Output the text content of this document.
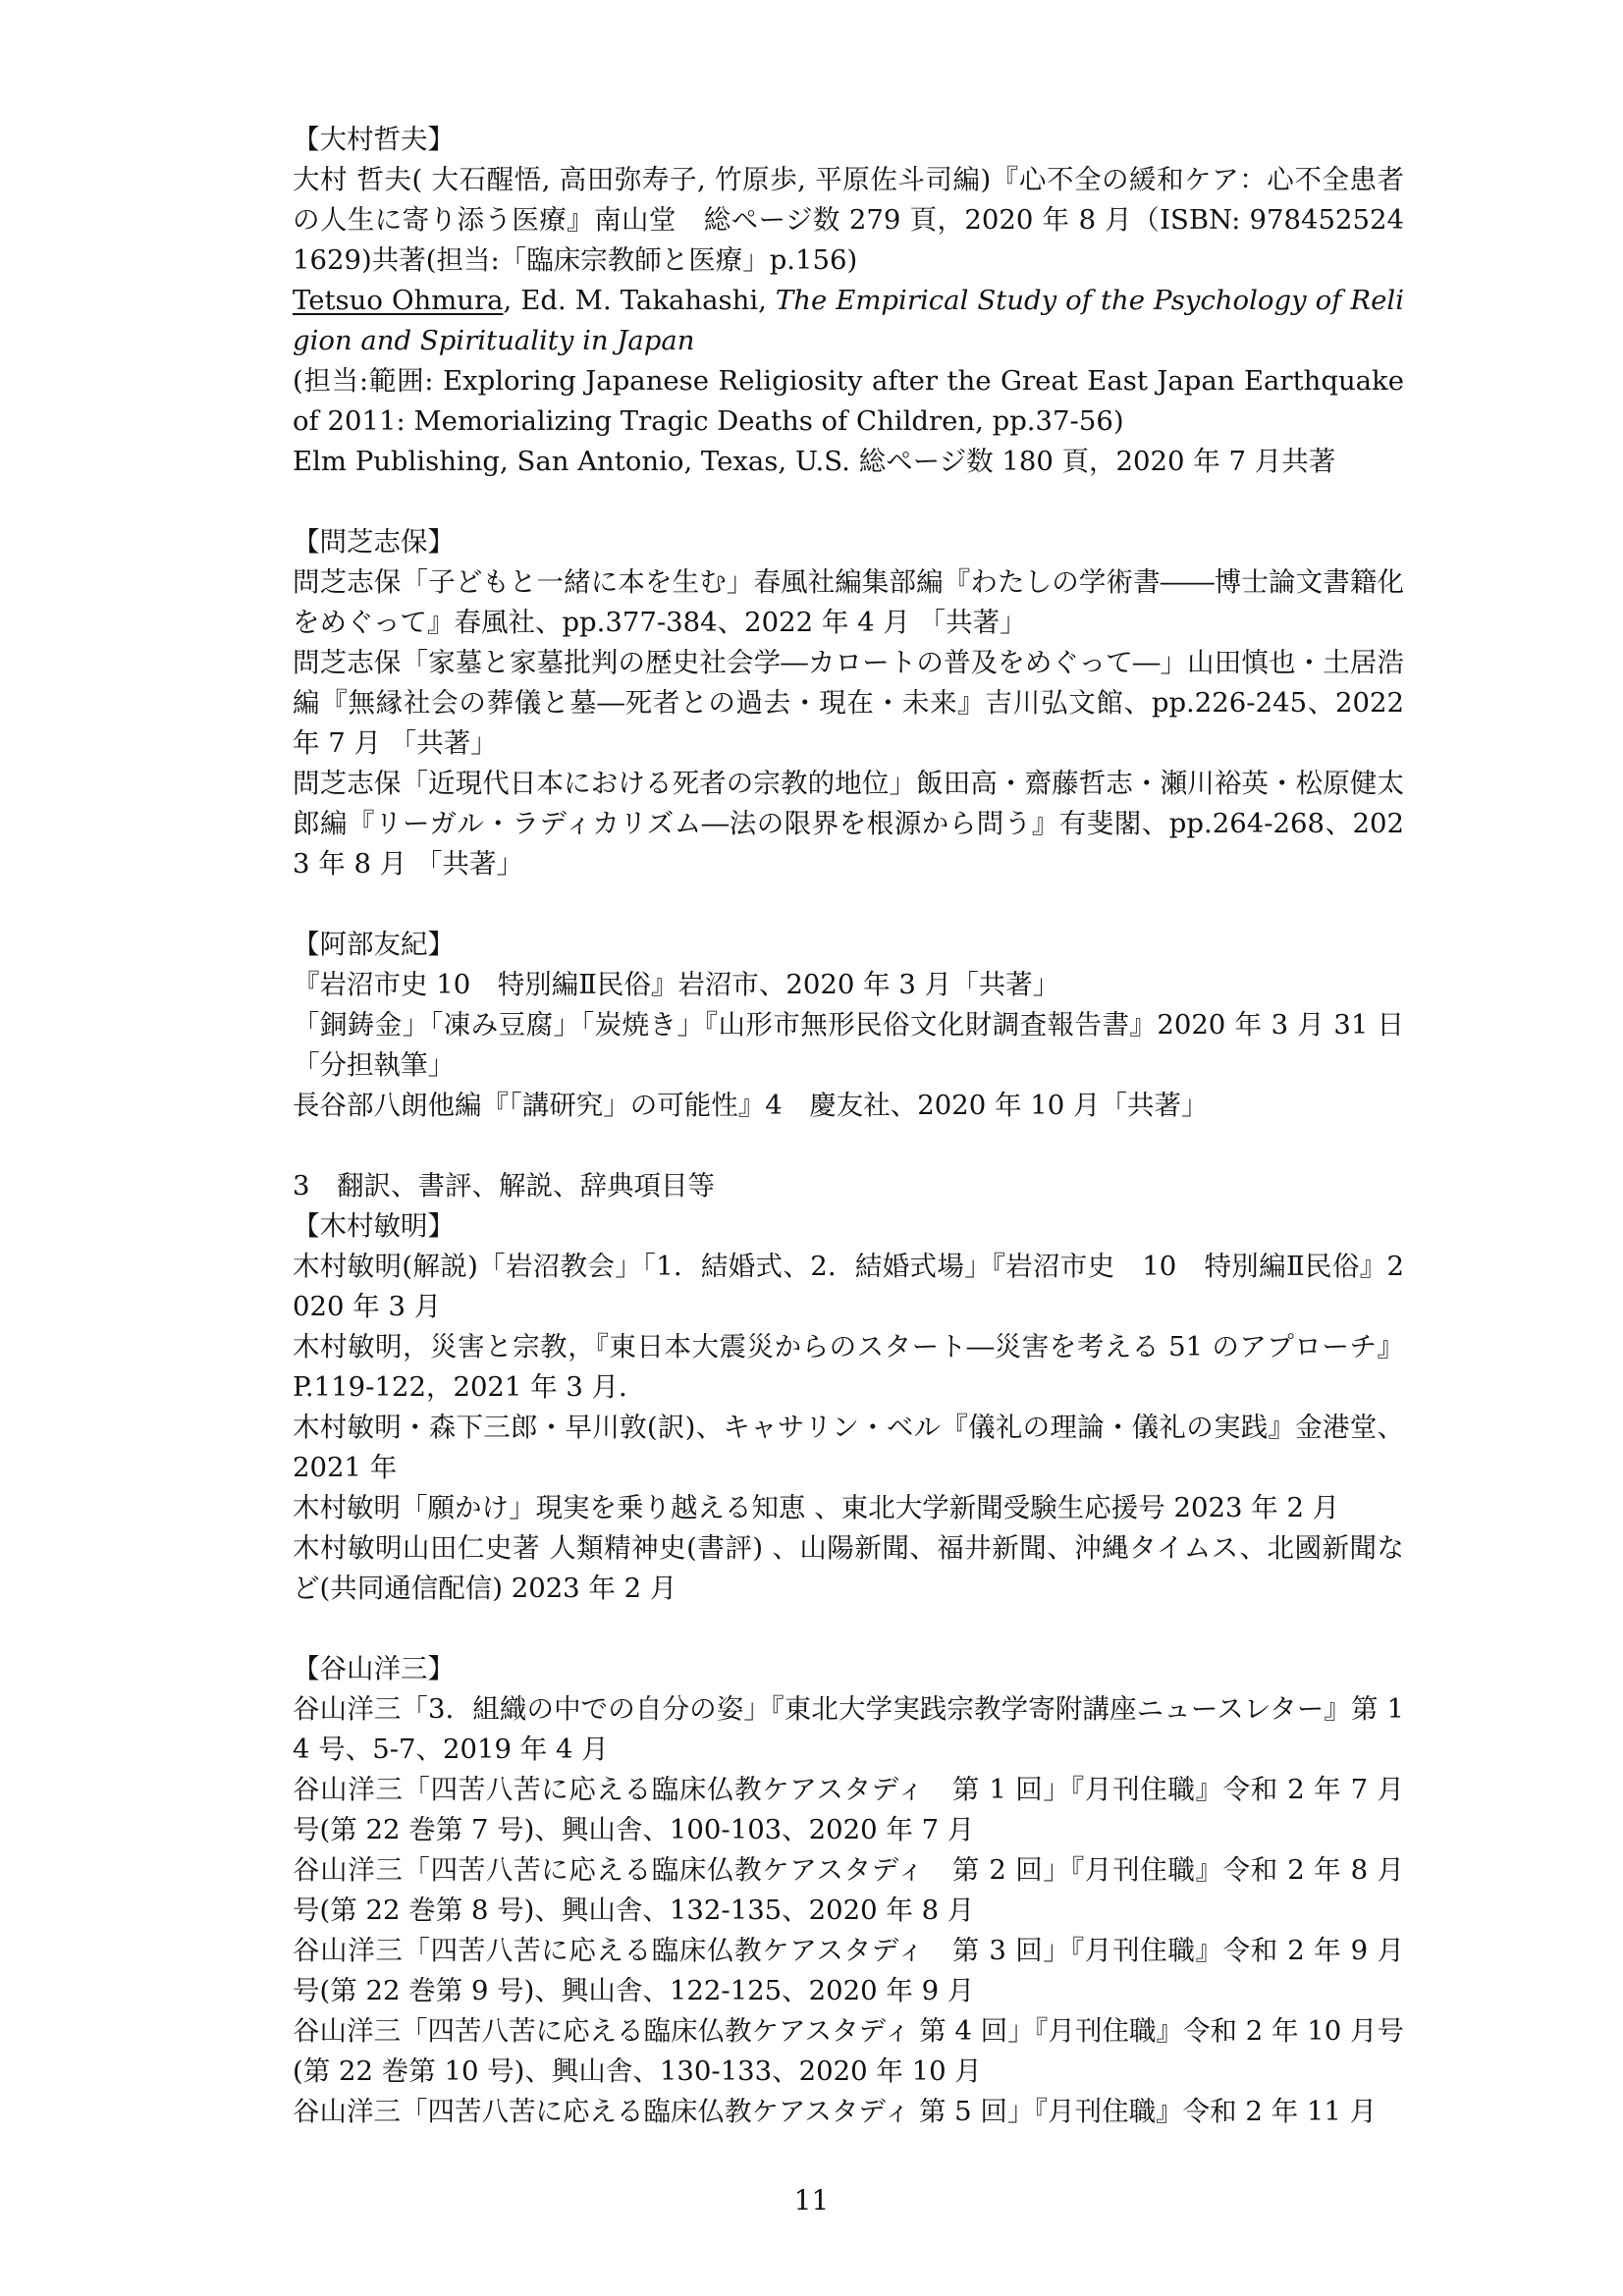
【大村哲夫】

大村 哲夫( 大石醒悟, 高田弥寿子, 竹原歩, 平原佐斗司編)『心不全の緩和ケア：心不全患者の人生に寄り添う医療』南山堂　総ページ数 279 頁，2020 年 8 月（ISBN: 9784525241629)共著(担当:「臨床宗教師と医療」p.156)

Tetsuo Ohmura, Ed. M. Takahashi, The Empirical Study of the Psychology of Religion and Spirituality in Japan

(担当:範囲: Exploring Japanese Religiosity after the Great East Japan Earthquake of 2011: Memorializing Tragic Deaths of Children, pp.37-56)

Elm Publishing, San Antonio, Texas, U.S. 総ページ数 180 頁，2020 年 7 月共著

【問芝志保】

問芝志保「子どもと一緒に本を生む」春風社編集部編『わたしの学術書――博士論文書籍化をめぐって』春風社、pp.377-384、2022 年 4 月 「共著」

問芝志保「家墓と家墓批判の歴史社会学―カロートの普及をめぐって―」山田慎也・土居浩編『無縁社会の葬儀と墓―死者との過去・現在・未来』吉川弘文館、pp.226-245、2022 年 7 月 「共著」

問芝志保「近現代日本における死者の宗教的地位」飯田高・齋藤哲志・瀬川裕英・松原健太郎編『リーガル・ラディカリズム―法の限界を根源から問う』有斐閣、pp.264-268、2023 年 8 月 「共著」

【阿部友紀】

『岩沼市史 10　特別編Ⅱ民俗』岩沼市、2020 年 3 月「共著」

「銅鋳金」「凍み豆腐」「炭焼き」『山形市無形民俗文化財調査報告書』2020 年 3 月 31 日「分担執筆」

長谷部八朗他編『「講研究」の可能性』4　慶友社、2020 年 10 月「共著」

3　翻訳、書評、解説、辞典項目等

【木村敏明】

木村敏明(解説)「岩沼教会」「1．結婚式、2．結婚式場」『岩沼市史　10　特別編Ⅱ民俗』2020 年 3 月

木村敏明，災害と宗教，『東日本大震災からのスタート―災害を考える 51 のアプローチ』P.119-122，2021 年 3 月．

木村敏明・森下三郎・早川敦(訳)、キャサリン・ベル『儀礼の理論・儀礼の実践』金港堂、2021 年

木村敏明「願かけ」現実を乗り越える知恵 、東北大学新聞受験生応援号 2023 年 2 月

木村敏明山田仁史著 人類精神史(書評) 、山陽新聞、福井新聞、沖縄タイムス、北國新聞など(共同通信配信) 2023 年 2 月

【谷山洋三】

谷山洋三「3．組織の中での自分の姿」『東北大学実践宗教学寄附講座ニュースレター』第 14 号、5-7、2019 年 4 月

谷山洋三「四苦八苦に応える臨床仏教ケアスタディ　第 1 回」『月刊住職』令和 2 年 7 月号(第 22 巻第 7 号)、興山舎、100-103、2020 年 7 月

谷山洋三「四苦八苦に応える臨床仏教ケアスタディ　第 2 回」『月刊住職』令和 2 年 8 月号(第 22 巻第 8 号)、興山舎、132-135、2020 年 8 月

谷山洋三「四苦八苦に応える臨床仏教ケアスタディ　第 3 回」『月刊住職』令和 2 年 9 月号(第 22 巻第 9 号)、興山舎、122-125、2020 年 9 月

谷山洋三「四苦八苦に応える臨床仏教ケアスタディ 第 4 回」『月刊住職』令和 2 年 10 月号(第 22 巻第 10 号)、興山舎、130-133、2020 年 10 月

谷山洋三「四苦八苦に応える臨床仏教ケアスタディ 第 5 回」『月刊住職』令和 2 年 11 月

11
